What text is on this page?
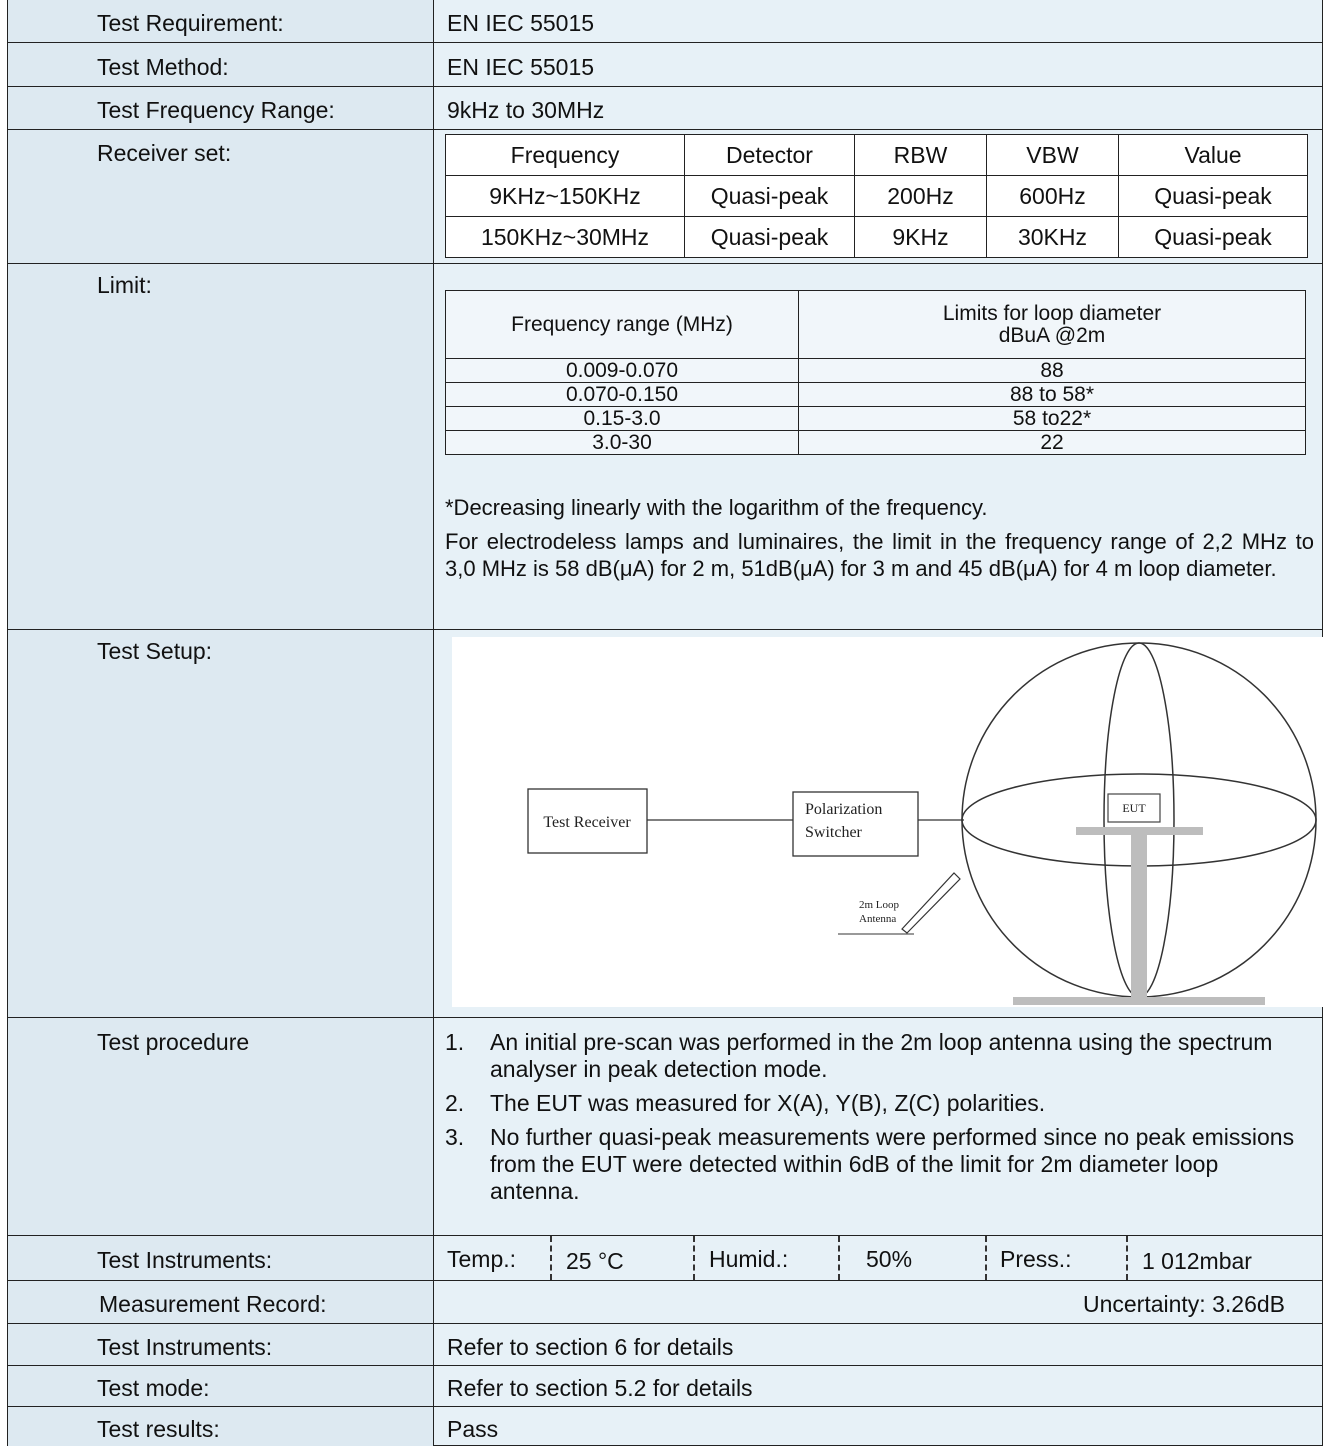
Test Requirement:	EN IEC 55015
Test Method:	EN IEC 55015
Test Frequency Range:	9kHz to 30MHz
Receiver set:	Frequency	Detector	RBW	VBW	Value
9KHz~150KHz	Quasi-peak	200Hz	600Hz	Quasi-peak
150KHz~30MHz	Quasi-peak	9KHz	30KHz	Quasi-peak
Limit:
Frequency range (MHz)	Limits for loop diameter
dBuA @2m

0.009-0.070	88
0.070-0.150	88 to 58*
0.15-3.0	58 to22*
3.0-30	22
*Decreasing linearly with the logarithm of the frequency.
For electrodeless lamps and luminaires, the limit in the frequency range of 2,2 MHz to 3,0 MHz is 58 dB(μA) for 2 m, 51dB(μA) for 3 m and 45 dB(μA) for 4 m loop diameter.
Test Setup:
Test Receiver
Polarization
Switcher
EUT
2m Loop
Antenna
Test procedure	1. An initial pre-scan was performed in the 2m loop antenna using the spectrum analyser in peak detection mode.
2. The EUT was measured for X(A), Y(B), Z(C) polarities.
3. No further quasi-peak measurements were performed since no peak emissions from the EUT were detected within 6dB of the limit for 2m diameter loop antenna.
Test Instruments:	Temp.:	25 °C	Humid.:	50%	Press.:	1 012mbar
Measurement Record:	Uncertainty: 3.26dB
Test Instruments:	Refer to section 6 for details
Test mode:	Refer to section 5.2 for details
Test results:	Pass
